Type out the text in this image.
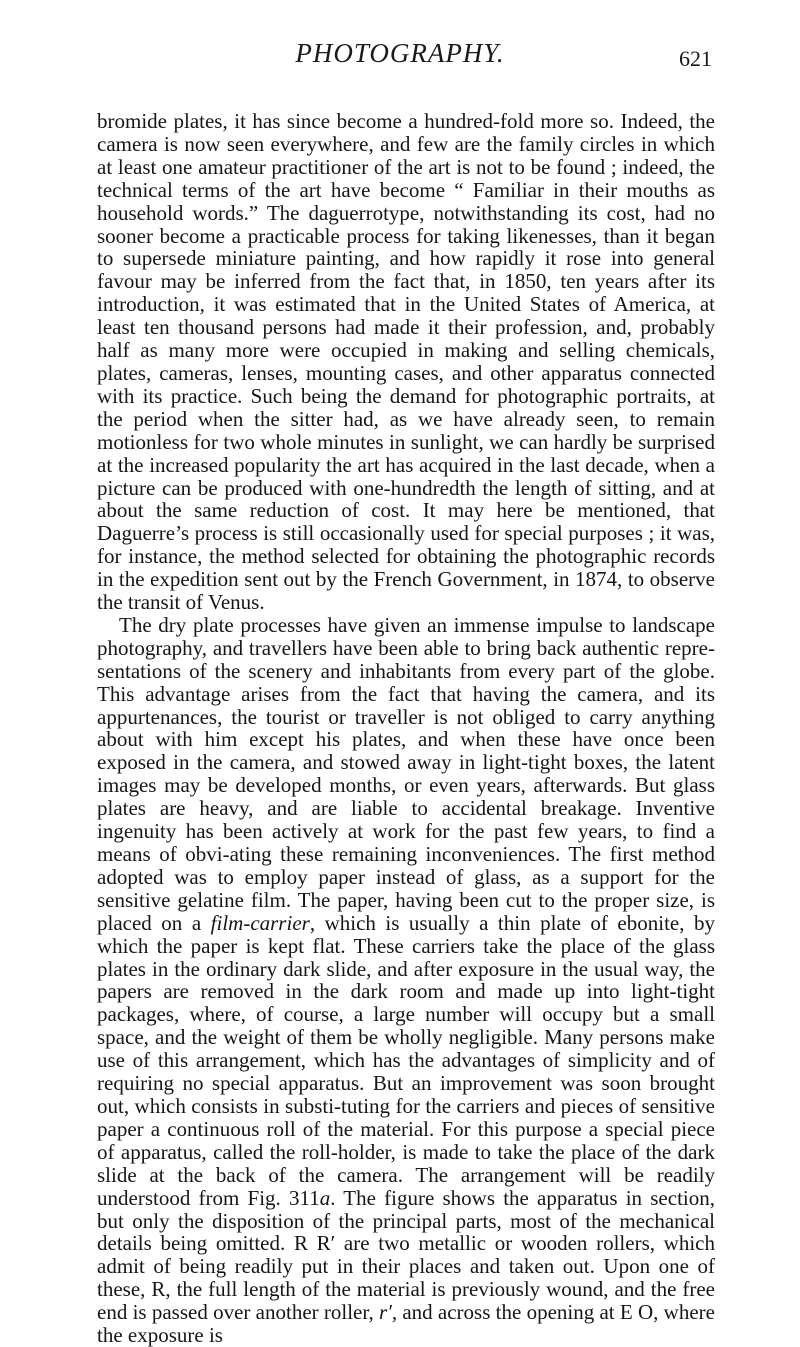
PHOTOGRAPHY.	621

bromide plates, it has since become a hundred-fold more so. Indeed, the camera is now seen everywhere, and few are the family circles in which at least one amateur practitioner of the art is not to be found ; indeed, the technical terms of the art have become “ Familiar in their mouths as household words.” The daguerrotype, notwithstanding its cost, had no sooner become a practicable process for taking likenesses, than it began to supersede miniature painting, and how rapidly it rose into general favour may be inferred from the fact that, in 1850, ten years after its introduction, it was estimated that in the United States of America, at least ten thousand persons had made it their profession, and, probably half as many more were occupied in making and selling chemicals, plates, cameras, lenses, mounting cases, and other apparatus connected with its practice. Such being the demand for photographic portraits, at the period when the sitter had, as we have already seen, to remain motionless for two whole minutes in sunlight, we can hardly be surprised at the increased popularity the art has acquired in the last decade, when a picture can be produced with one-hundredth the length of sitting, and at about the same reduction of cost. It may here be mentioned, that Daguerre’s process is still occasionally used for special purposes ; it was, for instance, the method selected for obtaining the photographic records in the expedition sent out by the French Government, in 1874, to observe the transit of Venus.

The dry plate processes have given an immense impulse to landscape photography, and travellers have been able to bring back authentic repre-sentations of the scenery and inhabitants from every part of the globe. This advantage arises from the fact that having the camera, and its appurtenances, the tourist or traveller is not obliged to carry anything about with him except his plates, and when these have once been exposed in the camera, and stowed away in light-tight boxes, the latent images may be developed months, or even years, afterwards. But glass plates are heavy, and are liable to accidental breakage. Inventive ingenuity has been actively at work for the past few years, to find a means of obvi-ating these remaining inconveniences. The first method adopted was to employ paper instead of glass, as a support for the sensitive gelatine film. The paper, having been cut to the proper size, is placed on a film-carrier, which is usually a thin plate of ebonite, by which the paper is kept flat. These carriers take the place of the glass plates in the ordinary dark slide, and after exposure in the usual way, the papers are removed in the dark room and made up into light-tight packages, where, of course, a large number will occupy but a small space, and the weight of them be wholly negligible. Many persons make use of this arrangement, which has the advantages of simplicity and of requiring no special apparatus. But an improvement was soon brought out, which consists in substi-tuting for the carriers and pieces of sensitive paper a continuous roll of the material. For this purpose a special piece of apparatus, called the roll-holder, is made to take the place of the dark slide at the back of the camera. The arrangement will be readily understood from Fig. 311a. The figure shows the apparatus in section, but only the disposition of the principal parts, most of the mechanical details being omitted. R R′ are two metallic or wooden rollers, which admit of being readily put in their places and taken out. Upon one of these, R, the full length of the material is previously wound, and the free end is passed over another roller, r′, and across the opening at E O, where the exposure is
